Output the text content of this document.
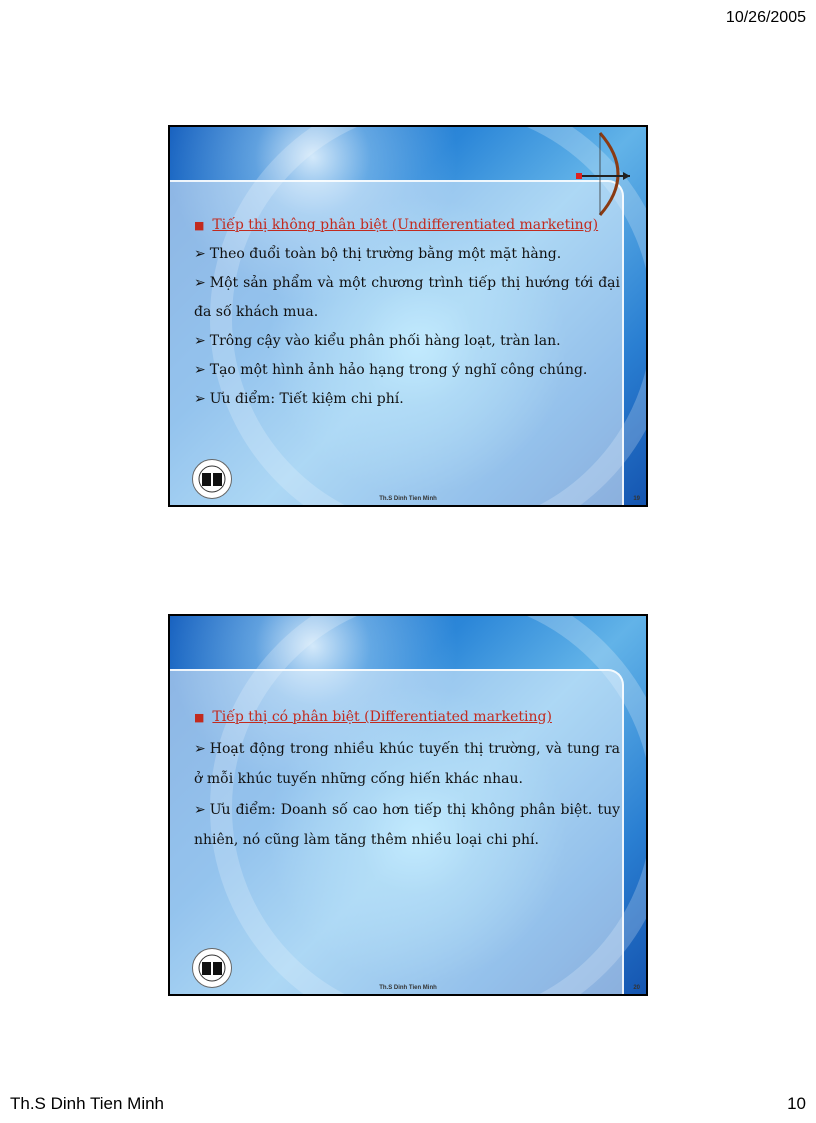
10/26/2005
■ Tiếp thị không phân biệt (Undifferentiated marketing)
➢ Theo đuổi toàn bộ thị trường bằng một mặt hàng.
➢ Một sản phẩm và một chương trình tiếp thị hướng tới đại đa số khách mua.
➢ Trông cậy vào kiểu phân phối hàng loạt, tràn lan.
➢ Tạo một hình ảnh hảo hạng trong ý nghĩ công chúng.
➢ Ưu điểm: Tiết kiệm chi phí.
Th.S Dinh Tien Minh	19
■ Tiếp thị có phân biệt (Differentiated marketing)
➢ Hoạt động trong nhiều khúc tuyến thị trường, và tung ra ở mỗi khúc tuyến những cống hiến khác nhau.
➢ Ưu điểm: Doanh số cao hơn tiếp thị không phân biệt. tuy nhiên, nó cũng làm tăng thêm nhiều loại chi phí.
Th.S Dinh Tien Minh	20
Th.S Dinh Tien Minh	10
